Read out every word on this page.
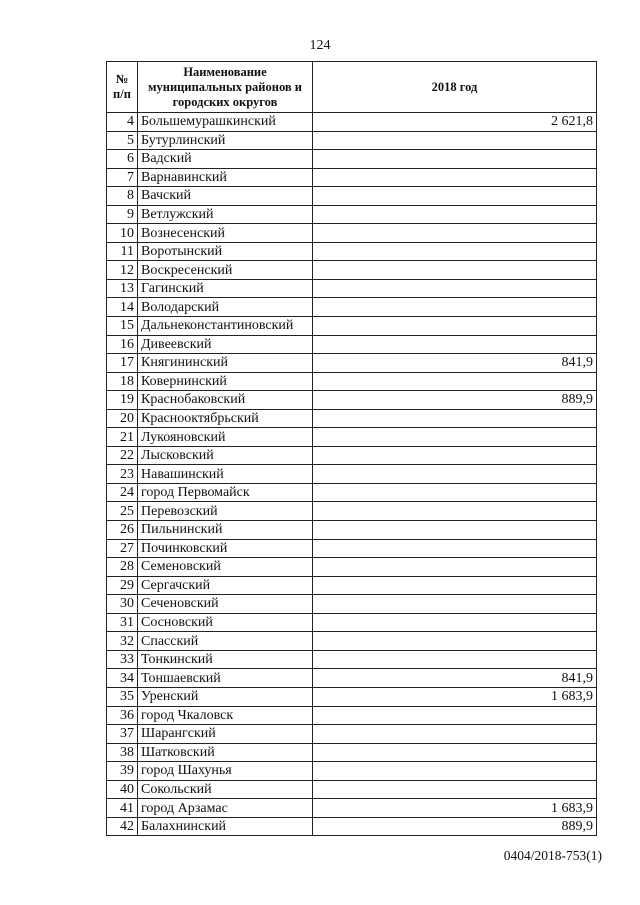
124
№ п/п	Наименование муниципальных районов и городских округов	2018 год
4	Большемурашкинский	2 621,8
5	Бутурлинский	
6	Вадский	
7	Варнавинский	
8	Вачский	
9	Ветлужский	
10	Вознесенский	
11	Воротынский	
12	Воскресенский	
13	Гагинский	
14	Володарский	
15	Дальнеконстантиновский	
16	Дивеевский	
17	Княгининский	841,9
18	Ковернинский	
19	Краснобаковский	889,9
20	Краснооктябрьский	
21	Лукояновский	
22	Лысковский	
23	Навашинский	
24	город Первомайск	
25	Перевозский	
26	Пильнинский	
27	Починковский	
28	Семеновский	
29	Сергачский	
30	Сеченовский	
31	Сосновский	
32	Спасский	
33	Тонкинский	
34	Тоншаевский	841,9
35	Уренский	1 683,9
36	город Чкаловск	
37	Шарангский	
38	Шатковский	
39	город Шахунья	
40	Сокольский	
41	город Арзамас	1 683,9
42	Балахнинский	889,9
0404/2018-753(1)
